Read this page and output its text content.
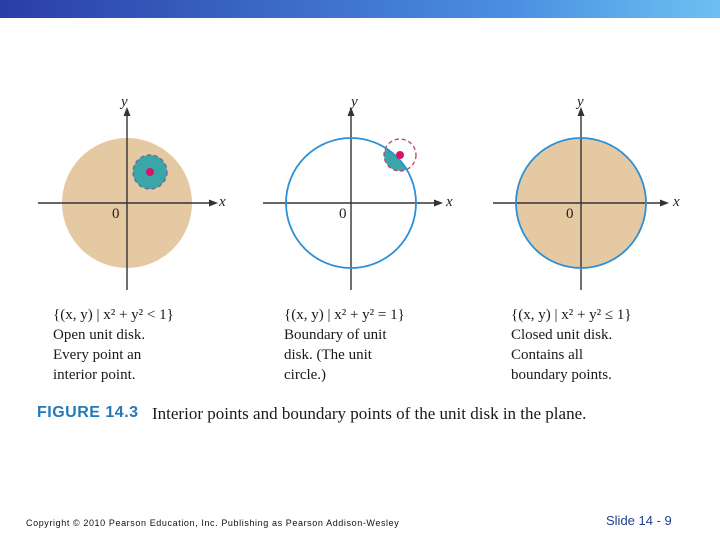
y
x
0
y
x
0
y
x
0
{(x, y) | x² + y² < 1}
Open unit disk.
Every point an
interior point.
{(x, y) | x² + y² = 1}
Boundary of unit
disk. (The unit
circle.)
{(x, y) | x² + y² ≤ 1}
Closed unit disk.
Contains all
boundary points.
FIGURE 14.3 Interior points and boundary points of the unit disk in the plane.
Copyright © 2010 Pearson Education, Inc. Publishing as Pearson Addison-Wesley	Slide 14 - 9
